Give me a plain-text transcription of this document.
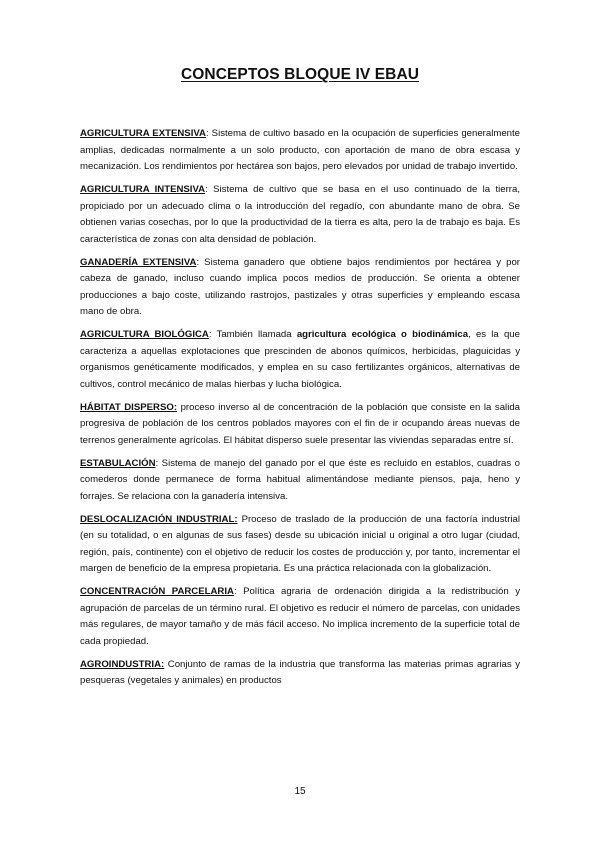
CONCEPTOS BLOQUE IV EBAU

AGRICULTURA EXTENSIVA: Sistema de cultivo basado en la ocupación de superficies generalmente amplias, dedicadas normalmente a un solo producto, con aportación de mano de obra escasa y mecanización. Los rendimientos por hectárea son bajos, pero elevados por unidad de trabajo invertido.

AGRICULTURA INTENSIVA: Sistema de cultivo que se basa en el uso continuado de la tierra, propiciado por un adecuado clima o la introducción del regadío, con abundante mano de obra. Se obtienen varias cosechas, por lo que la productividad de la tierra es alta, pero la de trabajo es baja. Es característica de zonas con alta densidad de población.

GANADERÍA EXTENSIVA: Sistema ganadero que obtiene bajos rendimientos por hectárea y por cabeza de ganado, incluso cuando implica pocos medios de producción. Se orienta a obtener producciones a bajo coste, utilizando rastrojos, pastizales y otras superficies y empleando escasa mano de obra.

AGRICULTURA BIOLÓGICA: También llamada agricultura ecológica o biodinámica, es la que caracteriza a aquellas explotaciones que prescinden de abonos químicos, herbicidas, plaguicidas y organismos genéticamente modificados, y emplea en su caso fertilizantes orgánicos, alternativas de cultivos, control mecánico de malas hierbas y lucha biológica.

HÁBITAT DISPERSO: proceso inverso al de concentración de la población que consiste en la salida progresiva de población de los centros poblados mayores con el fin de ir ocupando áreas nuevas de terrenos generalmente agrícolas. El hábitat disperso suele presentar las viviendas separadas entre sí.

ESTABULACIÓN: Sistema de manejo del ganado por el que éste es recluido en establos, cuadras o comederos donde permanece de forma habitual alimentándose mediante piensos, paja, heno y forrajes. Se relaciona con la ganadería intensiva.

DESLOCALIZACIÓN INDUSTRIAL: Proceso de traslado de la producción de una factoría industrial (en su totalidad, o en algunas de sus fases) desde su ubicación inicial u original a otro lugar (ciudad, región, país, continente) con el objetivo de reducir los costes de producción y, por tanto, incrementar el margen de beneficio de la empresa propietaria. Es una práctica relacionada con la globalización.

CONCENTRACIÓN PARCELARIA: Política agraria de ordenación dirigida a la redistribución y agrupación de parcelas de un término rural. El objetivo es reducir el número de parcelas, con unidades más regulares, de mayor tamaño y de más fácil acceso. No implica incremento de la superficie total de cada propiedad.

AGROINDUSTRIA: Conjunto de ramas de la industria que transforma las materias primas agrarias y pesqueras (vegetales y animales) en productos

15
